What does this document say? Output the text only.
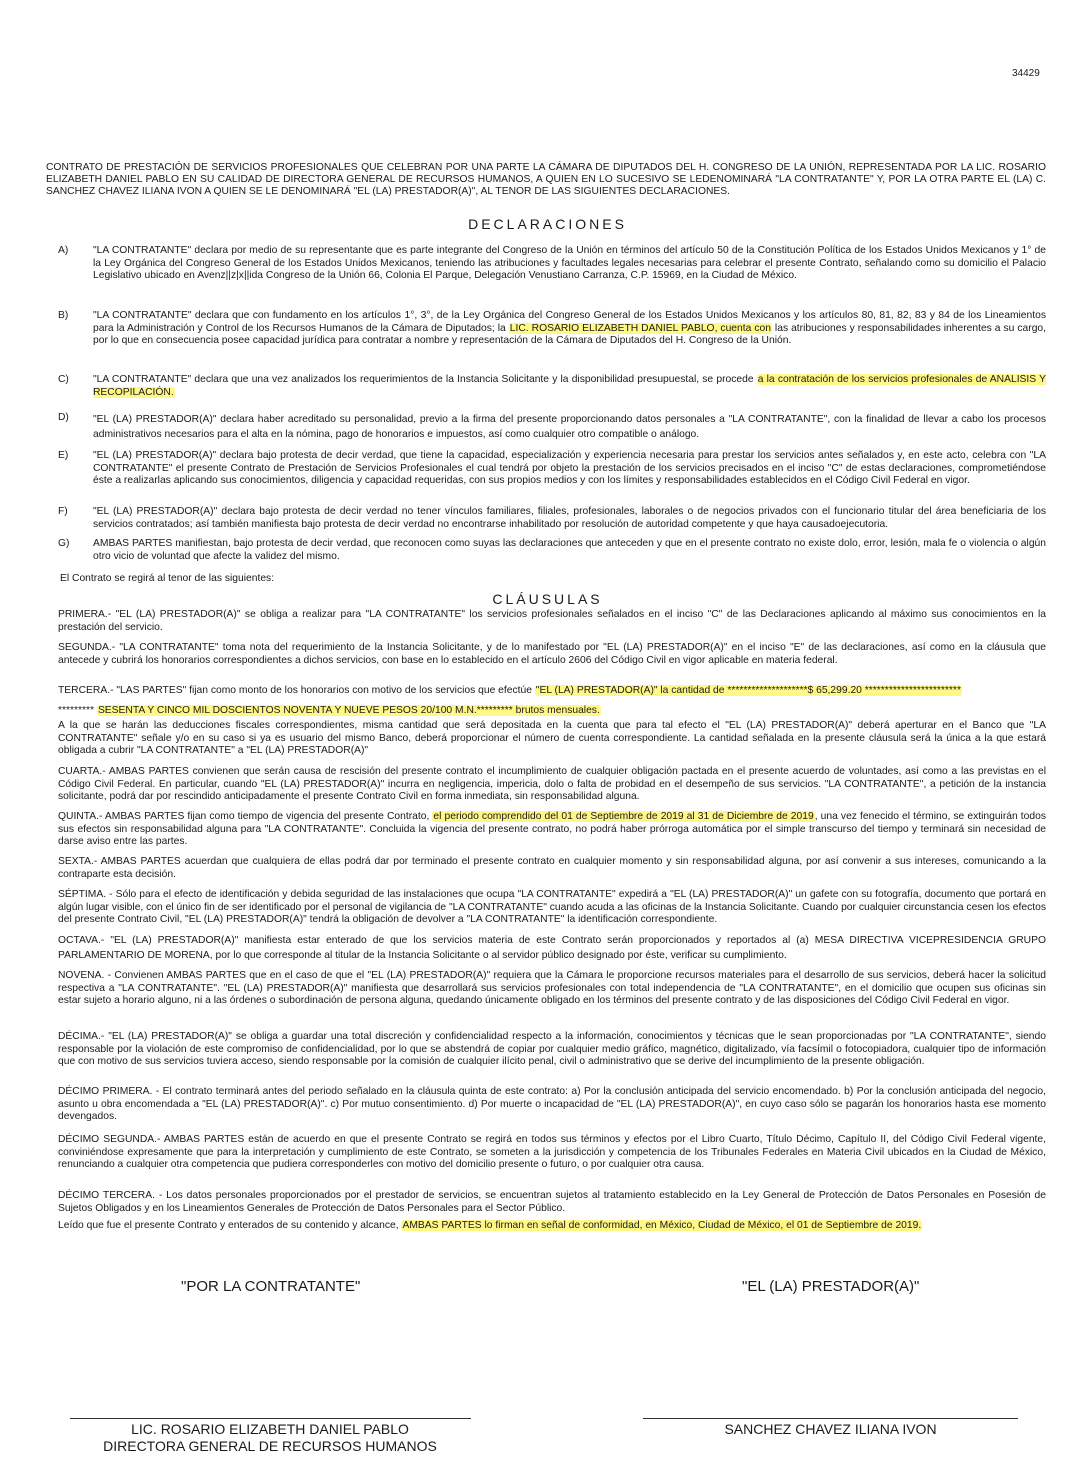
34429
CONTRATO DE PRESTACIÓN DE SERVICIOS PROFESIONALES QUE CELEBRAN POR UNA PARTE LA CÁMARA DE DIPUTADOS DEL H. CONGRESO DE LA UNIÓN, REPRESENTADA POR LA LIC. ROSARIO ELIZABETH DANIEL PABLO EN SU CALIDAD DE DIRECTORA GENERAL DE RECURSOS HUMANOS, A QUIEN EN LO SUCESIVO SE LEDENOMINARÁ "LA CONTRATANTE" Y, POR LA OTRA PARTE EL (LA) C. SANCHEZ CHAVEZ ILIANA IVON A QUIEN SE LE DENOMINARÁ "EL (LA) PRESTADOR(A)", AL TENOR DE LAS SIGUIENTES DECLARACIONES.
DECLARACIONES
A)	"LA CONTRATANTE" declara por medio de su representante que es parte integrante del Congreso de la Unión en términos del artículo 50 de la Constitución Política de los Estados Unidos Mexicanos y 1° de la Ley Orgánica del Congreso General de los Estados Unidos Mexicanos, teniendo las atribuciones y facultades legales necesarias para celebrar el presente Contrato, señalando como su domicilio el Palacio Legislativo ubicado en Avenz||z|x||ida Congreso de la Unión 66, Colonia El Parque, Delegación Venustiano Carranza, C.P. 15969, en la Ciudad de México.
B)	"LA CONTRATANTE" declara que con fundamento en los artículos 1°, 3°, de la Ley Orgánica del Congreso General de los Estados Unidos Mexicanos y los artículos 80, 81, 82, 83 y 84 de los Lineamientos para la Administración y Control de los Recursos Humanos de la Cámara de Diputados; la LIC. ROSARIO ELIZABETH DANIEL PABLO, cuenta con las atribuciones y responsabilidades inherentes a su cargo, por lo que en consecuencia posee capacidad jurídica para contratar a nombre y representación de la Cámara de Diputados del H. Congreso de la Unión.
C)	"LA CONTRATANTE" declara que una vez analizados los requerimientos de la Instancia Solicitante y la disponibilidad presupuestal, se procede a la contratación de los servicios profesionales de ANALISIS Y RECOPILACIÓN.
D)	"EL (LA) PRESTADOR(A)" declara haber acreditado su personalidad, previo a la firma del presente proporcionando datos personales a "LA CONTRATANTE", con la finalidad de llevar a cabo los procesos administrativos necesarios para el alta en la nómina, pago de honorarios e impuestos, así como cualquier otro compatible o análogo.
E)	"EL (LA) PRESTADOR(A)" declara bajo protesta de decir verdad, que tiene la capacidad, especialización y experiencia necesaria para prestar los servicios antes señalados y, en este acto, celebra con "LA CONTRATANTE" el presente Contrato de Prestación de Servicios Profesionales el cual tendrá por objeto la prestación de los servicios precisados en el inciso "C" de estas declaraciones, comprometiéndose éste a realizarlas aplicando sus conocimientos, diligencia y capacidad requeridas, con sus propios medios y con los límites y responsabilidades establecidos en el Código Civil Federal en vigor.
F)	"EL (LA) PRESTADOR(A)" declara bajo protesta de decir verdad no tener vínculos familiares, filiales, profesionales, laborales o de negocios privados con el funcionario titular del área beneficiaria de los servicios contratados; así también manifiesta bajo protesta de decir verdad no encontrarse inhabilitado por resolución de autoridad competente y que haya causadoejecutoria.
G)	AMBAS PARTES manifiestan, bajo protesta de decir verdad, que reconocen como suyas las declaraciones que anteceden y que en el presente contrato no existe dolo, error, lesión, mala fe o violencia o algún otro vicio de voluntad que afecte la validez del mismo.
El Contrato se regirá al tenor de las siguientes:
CLÁUSULAS
PRIMERA.- "EL (LA) PRESTADOR(A)" se obliga a realizar para "LA CONTRATANTE" los servicios profesionales señalados en el inciso "C" de las Declaraciones aplicando al máximo sus conocimientos en la prestación del servicio.
SEGUNDA.- "LA CONTRATANTE" toma nota del requerimiento de la Instancia Solicitante, y de lo manifestado por "EL (LA) PRESTADOR(A)" en el inciso "E" de las declaraciones, así como en la cláusula que antecede y cubrirá los honorarios correspondientes a dichos servicios, con base en lo establecido en el artículo 2606 del Código Civil en vigor aplicable en materia federal.
TERCERA.- "LAS PARTES" fijan como monto de los honorarios con motivo de los servicios que efectúe "EL (LA) PRESTADOR(A)" la cantidad de ********************$ 65,299.20 ************************
********* SESENTA Y CINCO MIL DOSCIENTOS NOVENTA Y NUEVE PESOS 20/100 M.N.********* brutos mensuales.
A la que se harán las deducciones fiscales correspondientes, misma cantidad que será depositada en la cuenta que para tal efecto el "EL (LA) PRESTADOR(A)" deberá aperturar en el Banco que "LA CONTRATANTE" señale y/o en su caso si ya es usuario del mismo Banco, deberá proporcionar el número de cuenta correspondiente. La cantidad señalada en la presente cláusula será la única a la que estará obligada a cubrir "LA CONTRATANTE" a "EL (LA) PRESTADOR(A)"
CUARTA.- AMBAS PARTES convienen que serán causa de rescisión del presente contrato el incumplimiento de cualquier obligación pactada en el presente acuerdo de voluntades, así como a las previstas en el Código Civil Federal. En particular, cuando "EL (LA) PRESTADOR(A)" incurra en negligencia, impericia, dolo o falta de probidad en el desempeño de sus servicios. "LA CONTRATANTE", a petición de la instancia solicitante, podrá dar por rescindido anticipadamente el presente Contrato Civil en forma inmediata, sin responsabilidad alguna.
QUINTA.- AMBAS PARTES fijan como tiempo de vigencia del presente Contrato, el periodo comprendido del 01 de Septiembre de 2019 al 31 de Diciembre de 2019, una vez fenecido el término, se extinguirán todos sus efectos sin responsabilidad alguna para "LA CONTRATANTE". Concluida la vigencia del presente contrato, no podrá haber prórroga automática por el simple transcurso del tiempo y terminará sin necesidad de darse aviso entre las partes.
SEXTA.- AMBAS PARTES acuerdan que cualquiera de ellas podrá dar por terminado el presente contrato en cualquier momento y sin responsabilidad alguna, por así convenir a sus intereses, comunicando a la contraparte esta decisión.
SÉPTIMA. - Sólo para el efecto de identificación y debida seguridad de las instalaciones que ocupa "LA CONTRATANTE" expedirá a "EL (LA) PRESTADOR(A)" un gafete con su fotografía, documento que portará en algún lugar visible, con el único fin de ser identificado por el personal de vigilancia de "LA CONTRATANTE" cuando acuda a las oficinas de la Instancia Solicitante. Cuando por cualquier circunstancia cesen los efectos del presente Contrato Civil, "EL (LA) PRESTADOR(A)" tendrá la obligación de devolver a "LA CONTRATANTE" la identificación correspondiente.
OCTAVA.- "EL (LA) PRESTADOR(A)" manifiesta estar enterado de que los servicios materia de este Contrato serán proporcionados y reportados al (a) MESA DIRECTIVA VICEPRESIDENCIA GRUPO PARLAMENTARIO DE MORENA, por lo que corresponde al titular de la Instancia Solicitante o al servidor público designado por éste, verificar su cumplimiento.
NOVENA. - Convienen AMBAS PARTES que en el caso de que el "EL (LA) PRESTADOR(A)" requiera que la Cámara le proporcione recursos materiales para el desarrollo de sus servicios, deberá hacer la solicitud respectiva a "LA CONTRATANTE". "EL (LA) PRESTADOR(A)" manifiesta que desarrollará sus servicios profesionales con total independencia de "LA CONTRATANTE", en el domicilio que ocupen sus oficinas sin estar sujeto a horario alguno, ni a las órdenes o subordinación de persona alguna, quedando únicamente obligado en los términos del presente contrato y de las disposiciones del Código Civil Federal en vigor.
DÉCIMA.- "EL (LA) PRESTADOR(A)" se obliga a guardar una total discreción y confidencialidad respecto a la información, conocimientos y técnicas que le sean proporcionadas por "LA CONTRATANTE", siendo responsable por la violación de este compromiso de confidencialidad, por lo que se abstendrá de copiar por cualquier medio gráfico, magnético, digitalizado, vía facsímil o fotocopiadora, cualquier tipo de información que con motivo de sus servicios tuviera acceso, siendo responsable por la comisión de cualquier ilícito penal, civil o administrativo que se derive del incumplimiento de la presente obligación.
DÉCIMO PRIMERA. - El contrato terminará antes del periodo señalado en la cláusula quinta de este contrato: a) Por la conclusión anticipada del servicio encomendado. b) Por la conclusión anticipada del negocio, asunto u obra encomendada a "EL (LA) PRESTADOR(A)". c) Por mutuo consentimiento. d) Por muerte o incapacidad de "EL (LA) PRESTADOR(A)", en cuyo caso sólo se pagarán los honorarios hasta ese momento devengados.
DÉCIMO SEGUNDA.- AMBAS PARTES están de acuerdo en que el presente Contrato se regirá en todos sus términos y efectos por el Libro Cuarto, Título Décimo, Capítulo II, del Código Civil Federal vigente, conviniéndose expresamente que para la interpretación y cumplimiento de este Contrato, se someten a la jurisdicción y competencia de los Tribunales Federales en Materia Civil ubicados en la Ciudad de México, renunciando a cualquier otra competencia que pudiera corresponderles con motivo del domicilio presente o futuro, o por cualquier otra causa.
DÉCIMO TERCERA. - Los datos personales proporcionados por el prestador de servicios, se encuentran sujetos al tratamiento establecido en la Ley General de Protección de Datos Personales en Posesión de Sujetos Obligados y en los Lineamientos Generales de Protección de Datos Personales para el Sector Público.
Leído que fue el presente Contrato y enterados de su contenido y alcance, AMBAS PARTES lo firman en señal de conformidad, en México, Ciudad de México, el 01 de Septiembre de 2019.
"POR LA CONTRATANTE"	"EL (LA) PRESTADOR(A)"
LIC. ROSARIO ELIZABETH DANIEL PABLO
DIRECTORA GENERAL DE RECURSOS HUMANOS
SANCHEZ CHAVEZ ILIANA IVON
